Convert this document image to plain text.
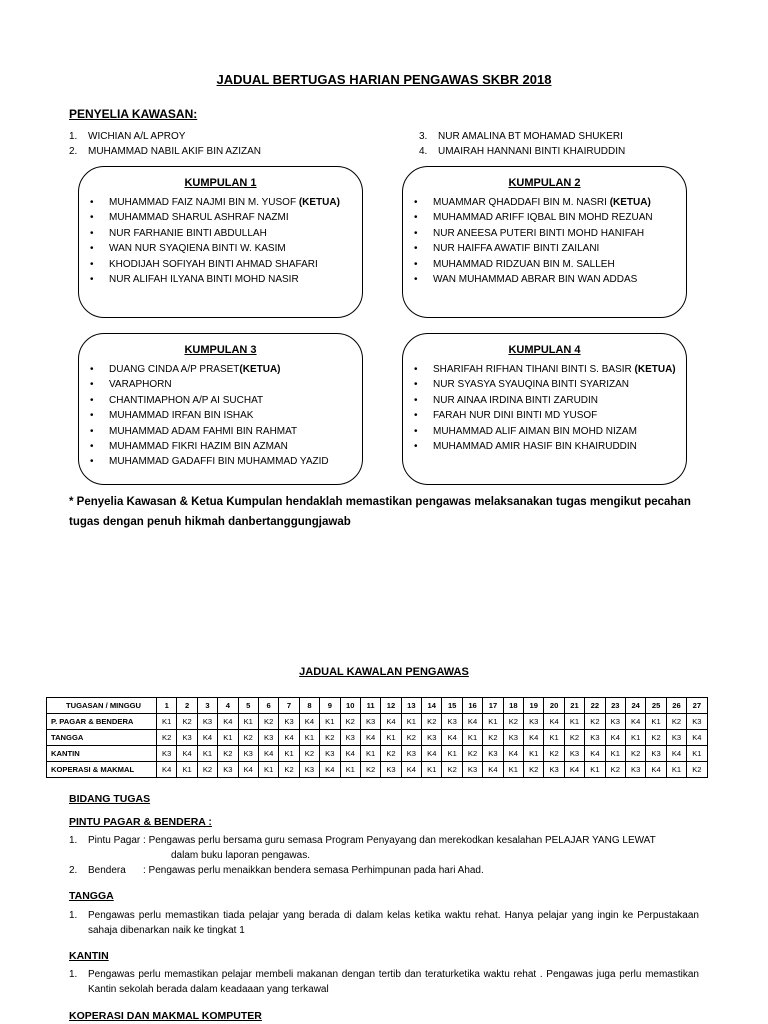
JADUAL BERTUGAS HARIAN PENGAWAS SKBR 2018
PENYELIA KAWASAN:
1. WICHIAN A/L APROY
2. MUHAMMAD NABIL AKIF BIN AZIZAN
3. NUR AMALINA BT MOHAMAD SHUKERI
4. UMAIRAH HANNANI BINTI KHAIRUDDIN
KUMPULAN 1
• MUHAMMAD FAIZ NAJMI BIN M. YUSOF (KETUA)
• MUHAMMAD SHARUL ASHRAF NAZMI
• NUR FARHANIE BINTI ABDULLAH
• WAN NUR SYAQIENA BINTI W. KASIM
• KHODIJAH SOFIYAH BINTI AHMAD SHAFARI
• NUR ALIFAH ILYANA BINTI MOHD NASIR
KUMPULAN 2
• MUAMMAR QHADDAFI BIN M. NASRI (KETUA)
• MUHAMMAD ARIFF IQBAL BIN MOHD REZUAN
• NUR ANEESA PUTERI BINTI MOHD HANIFAH
• NUR HAIFFA AWATIF BINTI ZAILANI
• MUHAMMAD RIDZUAN BIN M. SALLEH
• WAN MUHAMMAD ABRAR BIN WAN ADDAS
KUMPULAN 3
• DUANG CINDA A/P PRASET(KETUA)
• VARAPHORN
• CHANTIMAPHON A/P AI SUCHAT
• MUHAMMAD IRFAN BIN ISHAK
• MUHAMMAD ADAM FAHMI BIN RAHMAT
• MUHAMMAD FIKRI HAZIM BIN AZMAN
• MUHAMMAD GADAFFI BIN MUHAMMAD YAZID
KUMPULAN 4
• SHARIFAH RIFHAN TIHANI BINTI S. BASIR (KETUA)
• NUR SYASYA SYAUQINA BINTI SYARIZAN
• NUR AINAA IRDINA BINTI ZARUDIN
• FARAH NUR DINI BINTI MD YUSOF
• MUHAMMAD ALIF AIMAN BIN MOHD NIZAM
• MUHAMMAD AMIR HASIF BIN KHAIRUDDIN
* Penyelia Kawasan & Ketua Kumpulan hendaklah memastikan pengawas melaksanakan tugas mengikut pecahan tugas dengan penuh hikmah danbertanggungjawab
JADUAL KAWALAN PENGAWAS
TUGASAN / MINGGU	1	2	3	4	5	6	7	8	9	10	11	12	13	14	15	16	17	18	19	20	21	22	23	24	25	26	27
P. PAGAR & BENDERA	K1	K2	K3	K4	K1	K2	K3	K4	K1	K2	K3	K4	K1	K2	K3	K4	K1	K2	K3	K4	K1	K2	K3	K4	K1	K2	K3
TANGGA	K2	K3	K4	K1	K2	K3	K4	K1	K2	K3	K4	K1	K2	K3	K4	K1	K2	K3	K4	K1	K2	K3	K4	K1	K2	K3	K4
KANTIN	K3	K4	K1	K2	K3	K4	K1	K2	K3	K4	K1	K2	K3	K4	K1	K2	K3	K4	K1	K2	K3	K4	K1	K2	K3	K4	K1
KOPERASI & MAKMAL	K4	K1	K2	K3	K4	K1	K2	K3	K4	K1	K2	K3	K4	K1	K2	K3	K4	K1	K2	K3	K4	K1	K2	K3	K4	K1	K2
BIDANG TUGAS
PINTU PAGAR & BENDERA :
1. Pintu Pagar : Pengawas perlu bersama guru semasa Program Penyayang dan merekodkan kesalahan PELAJAR YANG LEWAT
dalam buku laporan pengawas.
2. Bendera : Pengawas perlu menaikkan bendera semasa Perhimpunan pada hari Ahad.
TANGGA
1.	Pengawas perlu memastikan tiada pelajar yang berada di dalam kelas ketika waktu rehat. Hanya pelajar yang ingin ke Perpustakaan sahaja dibenarkan naik ke tingkat 1
KANTIN
1.	Pengawas perlu memastikan pelajar membeli makanan dengan tertib dan teraturketika waktu rehat . Pengawas juga perlu memastikan Kantin sekolah berada dalam keadaaan yang terkawal
KOPERASI DAN MAKMAL KOMPUTER
